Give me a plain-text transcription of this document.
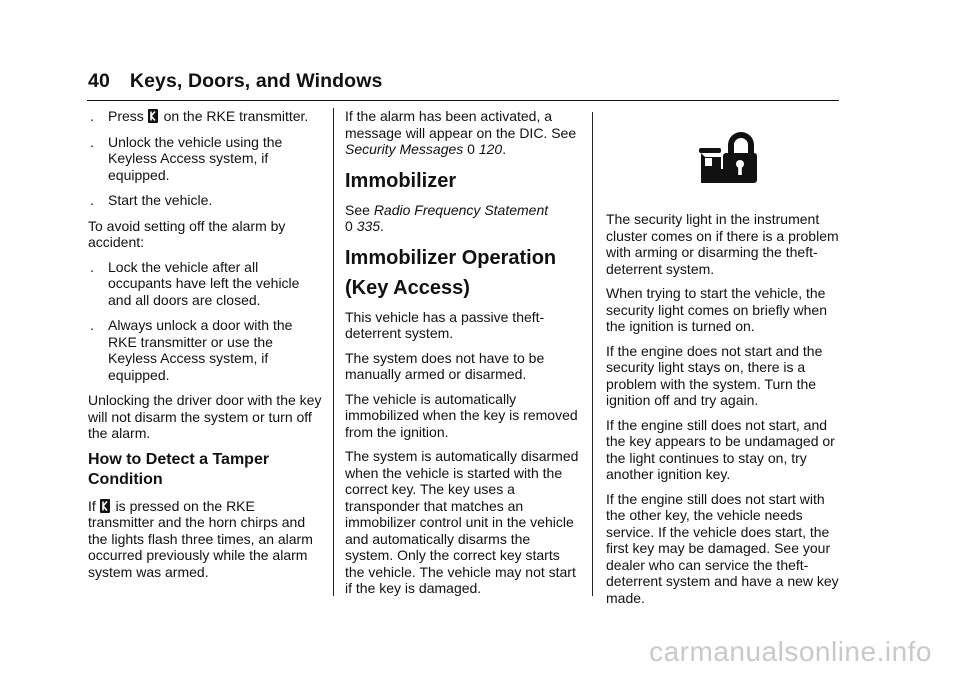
40 Keys, Doors, and Windows
. Press on the RKE transmitter.
. Unlock the vehicle using the Keyless Access system, if equipped.
. Start the vehicle.

To avoid setting off the alarm by accident:

. Lock the vehicle after all occupants have left the vehicle and all doors are closed.
. Always unlock a door with the RKE transmitter or use the Keyless Access system, if equipped.

Unlocking the driver door with the key will not disarm the system or turn off the alarm.

How to Detect a Tamper Condition

If is pressed on the RKE transmitter and the horn chirps and the lights flash three times, an alarm occurred previously while the alarm system was armed.

If the alarm has been activated, a message will appear on the DIC. See Security Messages 0 120.

Immobilizer

See Radio Frequency Statement
0 335.

Immobilizer Operation (Key Access)

This vehicle has a passive theft-deterrent system.

The system does not have to be manually armed or disarmed.

The vehicle is automatically immobilized when the key is removed from the ignition.

The system is automatically disarmed when the vehicle is started with the correct key. The key uses a transponder that matches an immobilizer control unit in the vehicle and automatically disarms the system. Only the correct key starts the vehicle. The vehicle may not start if the key is damaged.

The security light in the instrument cluster comes on if there is a problem with arming or disarming the theft-deterrent system.

When trying to start the vehicle, the security light comes on briefly when the ignition is turned on.

If the engine does not start and the security light stays on, there is a problem with the system. Turn the ignition off and try again.

If the engine still does not start, and the key appears to be undamaged or the light continues to stay on, try another ignition key.

If the engine still does not start with the other key, the vehicle needs service. If the vehicle does start, the first key may be damaged. See your dealer who can service the theft-deterrent system and have a new key made.

carmanualsonline.info
